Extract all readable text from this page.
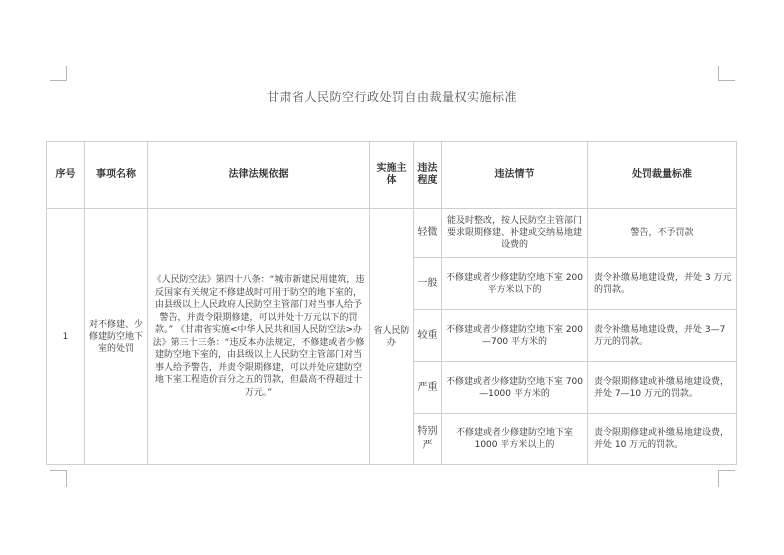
甘肃省人民防空行政处罚自由裁量权实施标准
序号	事项名称	法律法规依据	实施主体	违法程度	违法情节	处罚裁量标准
1	对不修建、少修建防空地下室的处罚	《人民防空法》第四十八条：“城市新建民用建筑，违反国家有关规定不修建战时可用于防空的地下室的，由县级以上人民政府人民防空主管部门对当事人给予警告，并责令限期修建，可以并处十万元以下的罚款。” 《甘肃省实施<中华人民共和国人民防空法>办法》第三十三条：“违反本办法规定，不修建或者少修建防空地下室的，由县级以上人民防空主管部门对当事人给予警告，并责令限期修建，可以并处应建防空地下室工程造价百分之五的罚款，但最高不得超过十万元。”	省人民防办	轻微	能及时整改，按人民防空主管部门要求限期修建、补建或交纳易地建设费的	警告，不予罚款
				一般	不修建或者少修建防空地下室 200 平方米以下的	责令补缴易地建设费，并处 3 万元的罚款。
				较重	不修建或者少修建防空地下室 200—700 平方米的	责令补缴易地建设费，并处 3—7 万元的罚款。
				严重	不修建或者少修建防空地下室 700—1000 平方米的	责令限期修建或补缴易地建设费，并处 7—10 万元的罚款。
				特别严	不修建或者少修建防空地下室 1000 平方米以上的	责令限期修建或补缴易地建设费，并处 10 万元的罚款。
